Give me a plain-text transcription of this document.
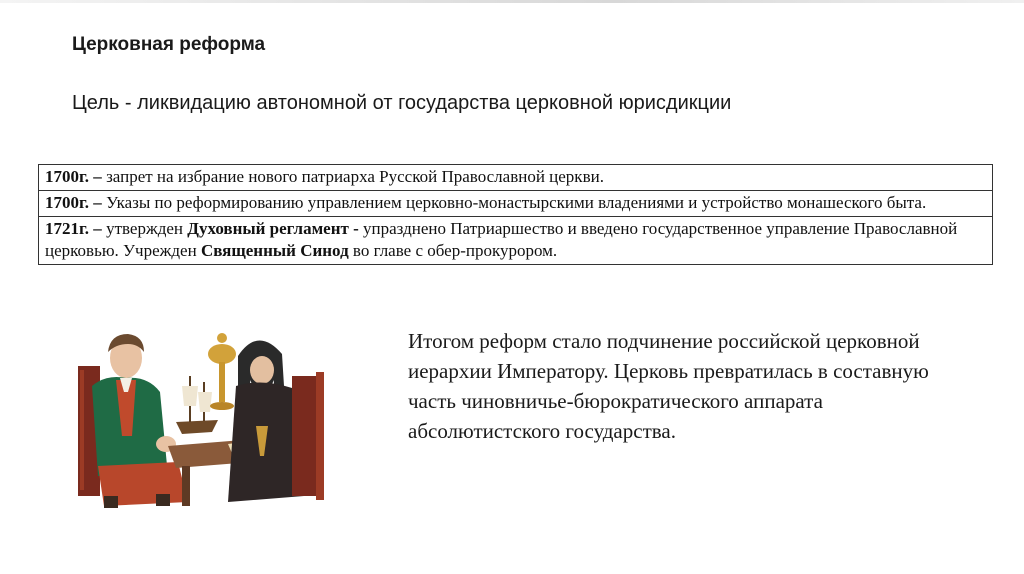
Церковная реформа
Цель - ликвидацию автономной от государства церковной юрисдикции
1700г. – запрет на избрание нового патриарха Русской Православной церкви.
1700г. – Указы по реформированию управлением церковно-монастырскими владениями и устройство монашеского быта.
1721г. – утвержден Духовный регламент - упразднено Патриаршество и введено государственное управление Православной церковью. Учрежден Священный Синод во главе с обер-прокурором.
Итогом реформ стало подчинение российской церковной иерархии Императору. Церковь превратилась в составную часть чиновничье-бюрократического аппарата абсолютистского государства.
